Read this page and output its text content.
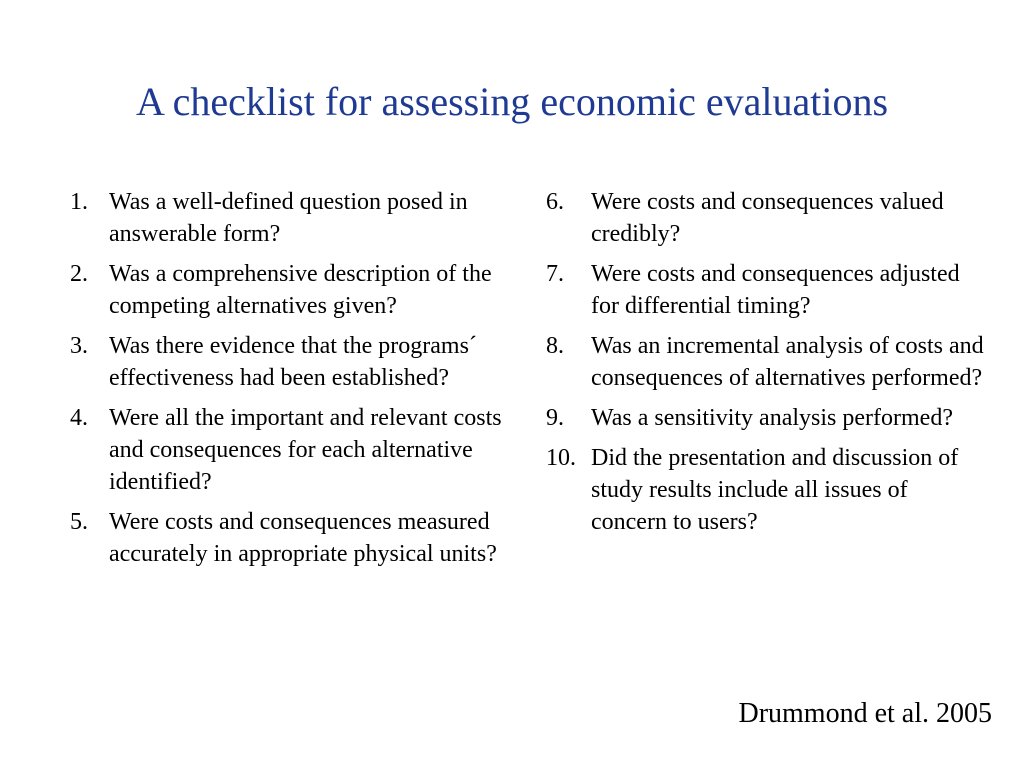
A checklist for assessing economic evaluations
1. Was a well-defined question posed in answerable form?
2. Was a comprehensive description of the competing alternatives given?
3. Was there evidence that the programs´ effectiveness had been established?
4. Were all the important and relevant costs and consequences for each alternative identified?
5. Were costs and consequences measured accurately in appropriate physical units?
6.	Were costs and consequences valued credibly?
7.	Were costs and consequences adjusted for differential timing?
8.	Was an incremental analysis of costs and consequences of alternatives performed?
9.	Was a sensitivity analysis performed?
10. Did the presentation and discussion of study results include all issues of concern to users?

Drummond et al. 2005
